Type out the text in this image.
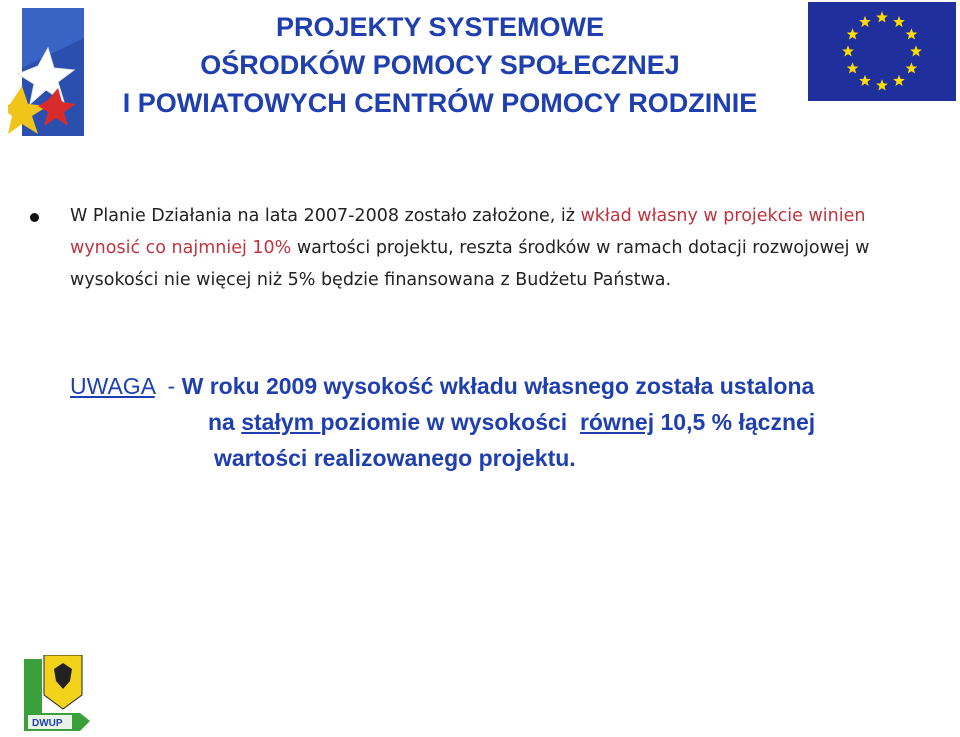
PROJEKTY SYSTEMOWE
OŚRODKÓW POMOCY SPOŁECZNEJ
I POWIATOWYCH CENTRÓW POMOCY RODZINIE
W Planie Działania na lata 2007-2008 zostało założone, iż wkład własny w projekcie winien wynosić co najmniej 10% wartości projektu, reszta środków w ramach dotacji rozwojowej w wysokości nie więcej niż 5% będzie finansowana z Budżetu Państwa.
UWAGA  - W roku 2009 wysokość wkładu własnego została ustalona
na stałym poziomie w wysokości  równej 10,5 % łącznej
wartości realizowanego projektu.
DWUP
